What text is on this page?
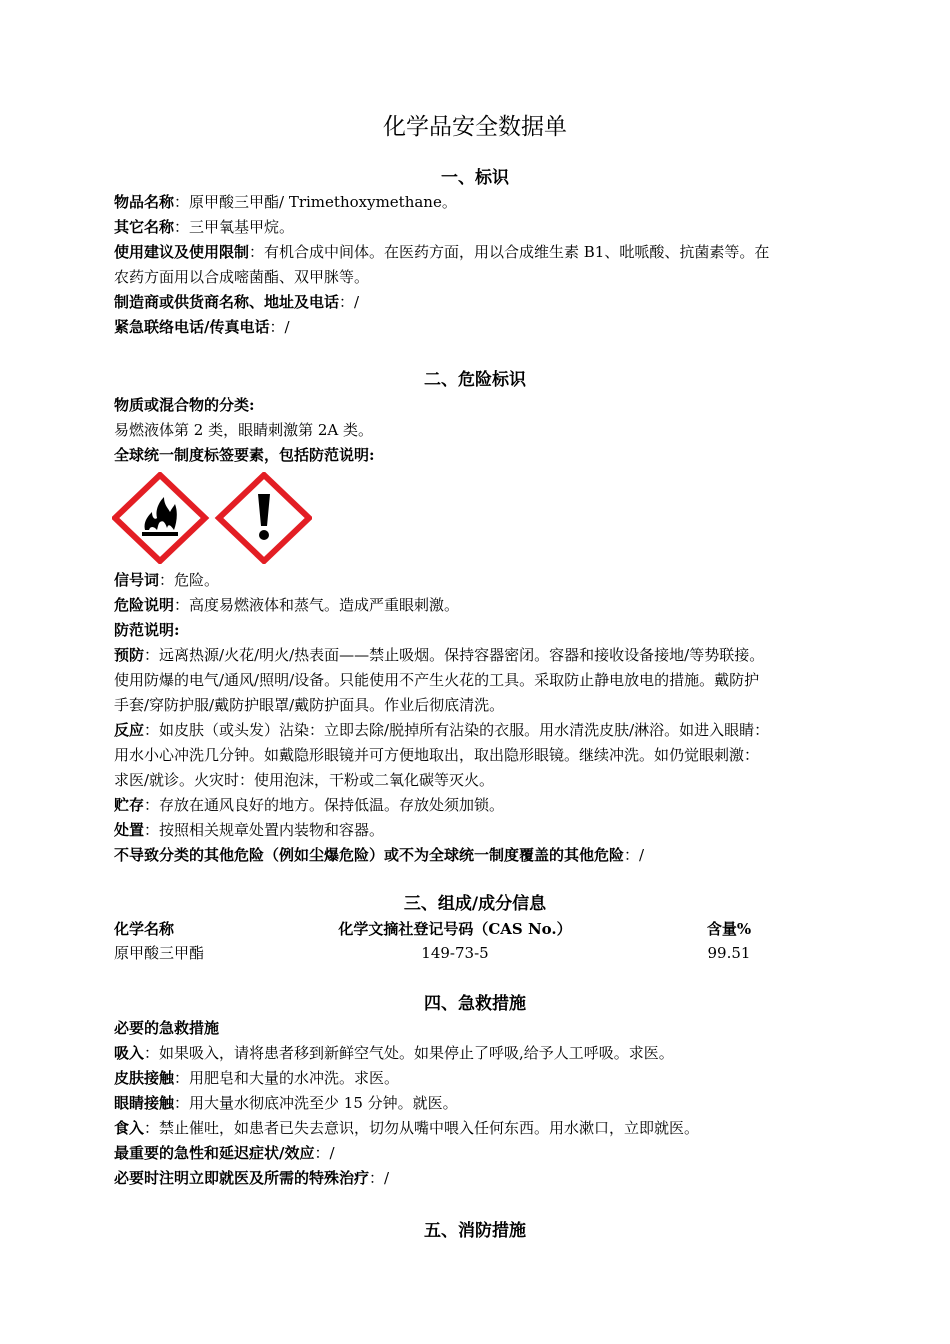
化学品安全数据单
一、标识
物品名称：原甲酸三甲酯/ Trimethoxymethane。
其它名称：三甲氧基甲烷。
使用建议及使用限制：有机合成中间体。在医药方面，用以合成维生素 B1、吡哌酸、抗菌素等。在
农药方面用以合成嘧菌酯、双甲脒等。
制造商或供货商名称、地址及电话：/
紧急联络电话/传真电话：/
二、危险标识
物质或混合物的分类:
易燃液体第 2 类，眼睛刺激第 2A 类。
全球统一制度标签要素，包括防范说明:
信号词：危险。
危险说明：高度易燃液体和蒸气。造成严重眼刺激。
防范说明:
预防：远离热源/火花/明火/热表面——禁止吸烟。保持容器密闭。容器和接收设备接地/等势联接。
使用防爆的电气/通风/照明/设备。只能使用不产生火花的工具。采取防止静电放电的措施。戴防护
手套/穿防护服/戴防护眼罩/戴防护面具。作业后彻底清洗。
反应：如皮肤（或头发）沾染：立即去除/脱掉所有沾染的衣服。用水清洗皮肤/淋浴。如进入眼睛：
用水小心冲洗几分钟。如戴隐形眼镜并可方便地取出，取出隐形眼镜。继续冲洗。如仍觉眼刺激：
求医/就诊。火灾时：使用泡沫，干粉或二氧化碳等灭火。
贮存：存放在通风良好的地方。保持低温。存放处须加锁。
处置：按照相关规章处置内装物和容器。
不导致分类的其他危险（例如尘爆危险）或不为全球统一制度覆盖的其他危险：/
三、组成/成分信息
化学名称	化学文摘社登记号码（CAS No.）	含量%
原甲酸三甲酯	149-73-5	99.51
四、急救措施
必要的急救措施
吸入：如果吸入，请将患者移到新鲜空气处。如果停止了呼吸,给予人工呼吸。求医。
皮肤接触：用肥皂和大量的水冲洗。求医。
眼睛接触：用大量水彻底冲洗至少 15 分钟。就医。
食入：禁止催吐，如患者已失去意识，切勿从嘴中喂入任何东西。用水漱口，立即就医。
最重要的急性和延迟症状/效应：/
必要时注明立即就医及所需的特殊治疗：/
五、消防措施
